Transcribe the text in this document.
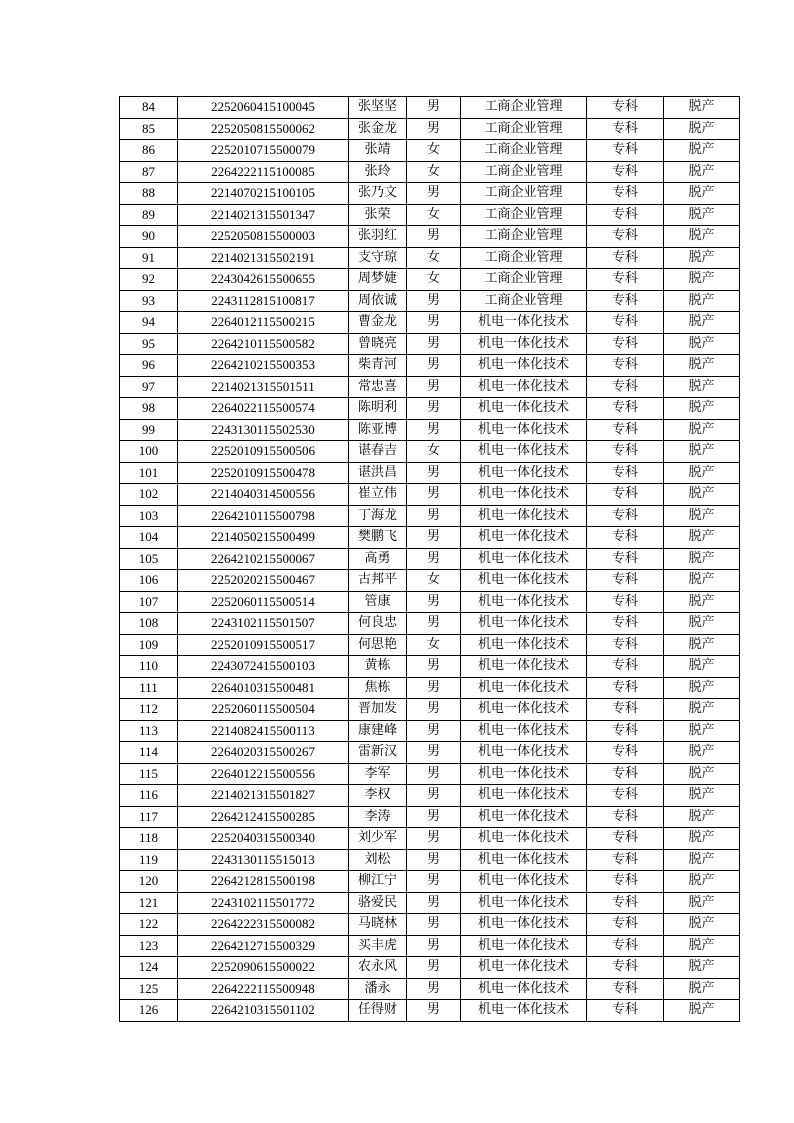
84	2252060415100045	张坚坚	男	工商企业管理	专科	脱产
85	2252050815500062	张金龙	男	工商企业管理	专科	脱产
86	2252010715500079	张靖	女	工商企业管理	专科	脱产
87	2264222115100085	张玲	女	工商企业管理	专科	脱产
88	2214070215100105	张乃文	男	工商企业管理	专科	脱产
89	2214021315501347	张荣	女	工商企业管理	专科	脱产
90	2252050815500003	张羽红	男	工商企业管理	专科	脱产
91	2214021315502191	支守琼	女	工商企业管理	专科	脱产
92	2243042615500655	周梦婕	女	工商企业管理	专科	脱产
93	2243112815100817	周依诚	男	工商企业管理	专科	脱产
94	2264012115500215	曹金龙	男	机电一体化技术	专科	脱产
95	2264210115500582	曾晓亮	男	机电一体化技术	专科	脱产
96	2264210215500353	柴青河	男	机电一体化技术	专科	脱产
97	2214021315501511	常忠喜	男	机电一体化技术	专科	脱产
98	2264022115500574	陈明利	男	机电一体化技术	专科	脱产
99	2243130115502530	陈亚博	男	机电一体化技术	专科	脱产
100	2252010915500506	谌春吉	女	机电一体化技术	专科	脱产
101	2252010915500478	谌洪昌	男	机电一体化技术	专科	脱产
102	2214040314500556	崔立伟	男	机电一体化技术	专科	脱产
103	2264210115500798	丁海龙	男	机电一体化技术	专科	脱产
104	2214050215500499	樊鹏飞	男	机电一体化技术	专科	脱产
105	2264210215500067	高勇	男	机电一体化技术	专科	脱产
106	2252020215500467	古邦平	女	机电一体化技术	专科	脱产
107	2252060115500514	管康	男	机电一体化技术	专科	脱产
108	2243102115501507	何良忠	男	机电一体化技术	专科	脱产
109	2252010915500517	何思艳	女	机电一体化技术	专科	脱产
110	2243072415500103	黄栋	男	机电一体化技术	专科	脱产
111	2264010315500481	焦栋	男	机电一体化技术	专科	脱产
112	2252060115500504	晋加发	男	机电一体化技术	专科	脱产
113	2214082415500113	康建峰	男	机电一体化技术	专科	脱产
114	2264020315500267	雷新汉	男	机电一体化技术	专科	脱产
115	2264012215500556	李军	男	机电一体化技术	专科	脱产
116	2214021315501827	李权	男	机电一体化技术	专科	脱产
117	2264212415500285	李涛	男	机电一体化技术	专科	脱产
118	2252040315500340	刘少军	男	机电一体化技术	专科	脱产
119	2243130115515013	刘松	男	机电一体化技术	专科	脱产
120	2264212815500198	柳江宁	男	机电一体化技术	专科	脱产
121	2243102115501772	骆爱民	男	机电一体化技术	专科	脱产
122	2264222315500082	马晓林	男	机电一体化技术	专科	脱产
123	2264212715500329	买丰虎	男	机电一体化技术	专科	脱产
124	2252090615500022	农永风	男	机电一体化技术	专科	脱产
125	2264222115500948	潘永	男	机电一体化技术	专科	脱产
126	2264210315501102	任得财	男	机电一体化技术	专科	脱产
